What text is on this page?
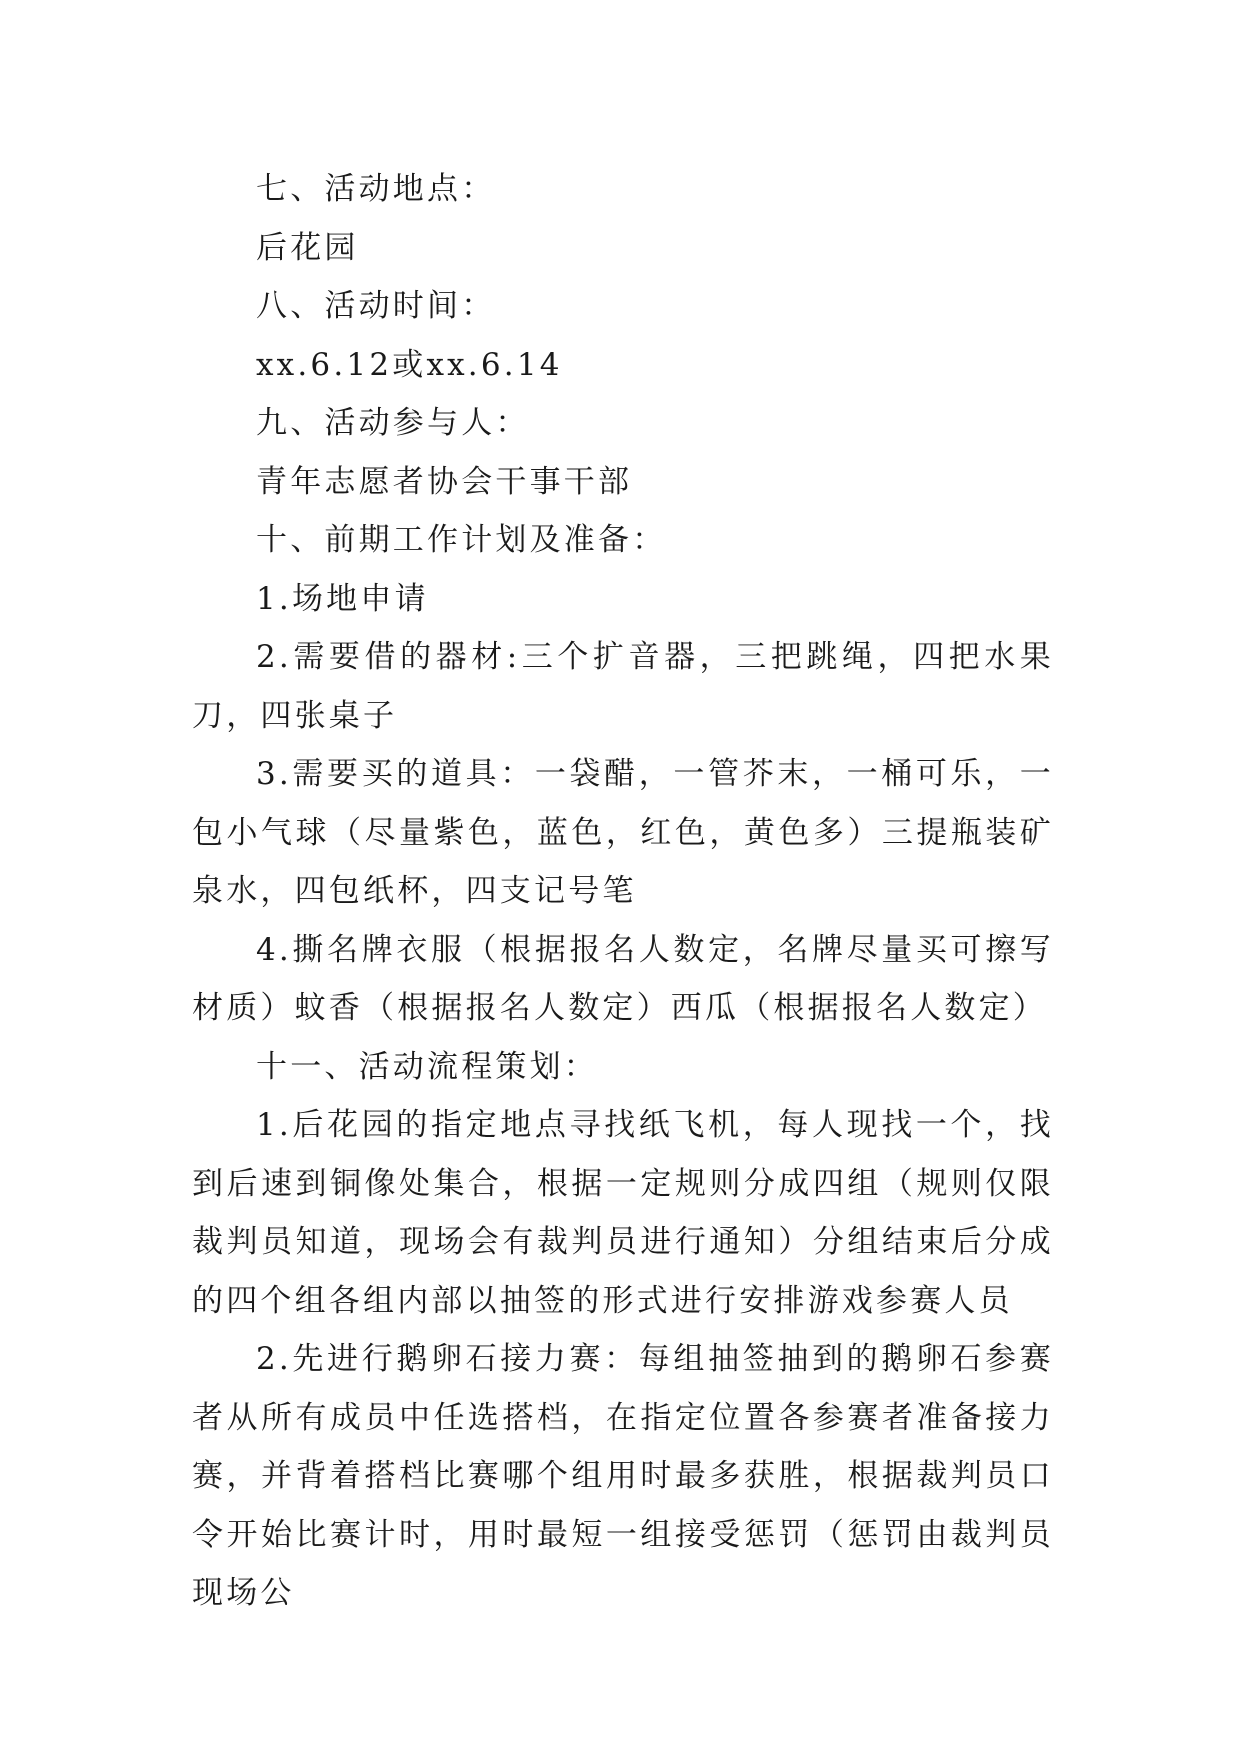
七、活动地点：

后花园

八、活动时间：

xx.6.12或xx.6.14

九、活动参与人：

青年志愿者协会干事干部

十、前期工作计划及准备：

1.场地申请

2.需要借的器材:三个扩音器，三把跳绳，四把水果刀，四张桌子

3.需要买的道具：一袋醋，一管芥末，一桶可乐，一包小气球（尽量紫色，蓝色，红色，黄色多）三提瓶装矿泉水，四包纸杯，四支记号笔

4.撕名牌衣服（根据报名人数定，名牌尽量买可擦写材质）蚊香（根据报名人数定）西瓜（根据报名人数定）

十一、活动流程策划：

1.后花园的指定地点寻找纸飞机，每人现找一个，找到后速到铜像处集合，根据一定规则分成四组（规则仅限裁判员知道，现场会有裁判员进行通知）分组结束后分成的四个组各组内部以抽签的形式进行安排游戏参赛人员

2.先进行鹅卵石接力赛：每组抽签抽到的鹅卵石参赛者从所有成员中任选搭档，在指定位置各参赛者准备接力赛，并背着搭档比赛哪个组用时最多获胜，根据裁判员口令开始比赛计时，用时最短一组接受惩罚（惩罚由裁判员现场公
